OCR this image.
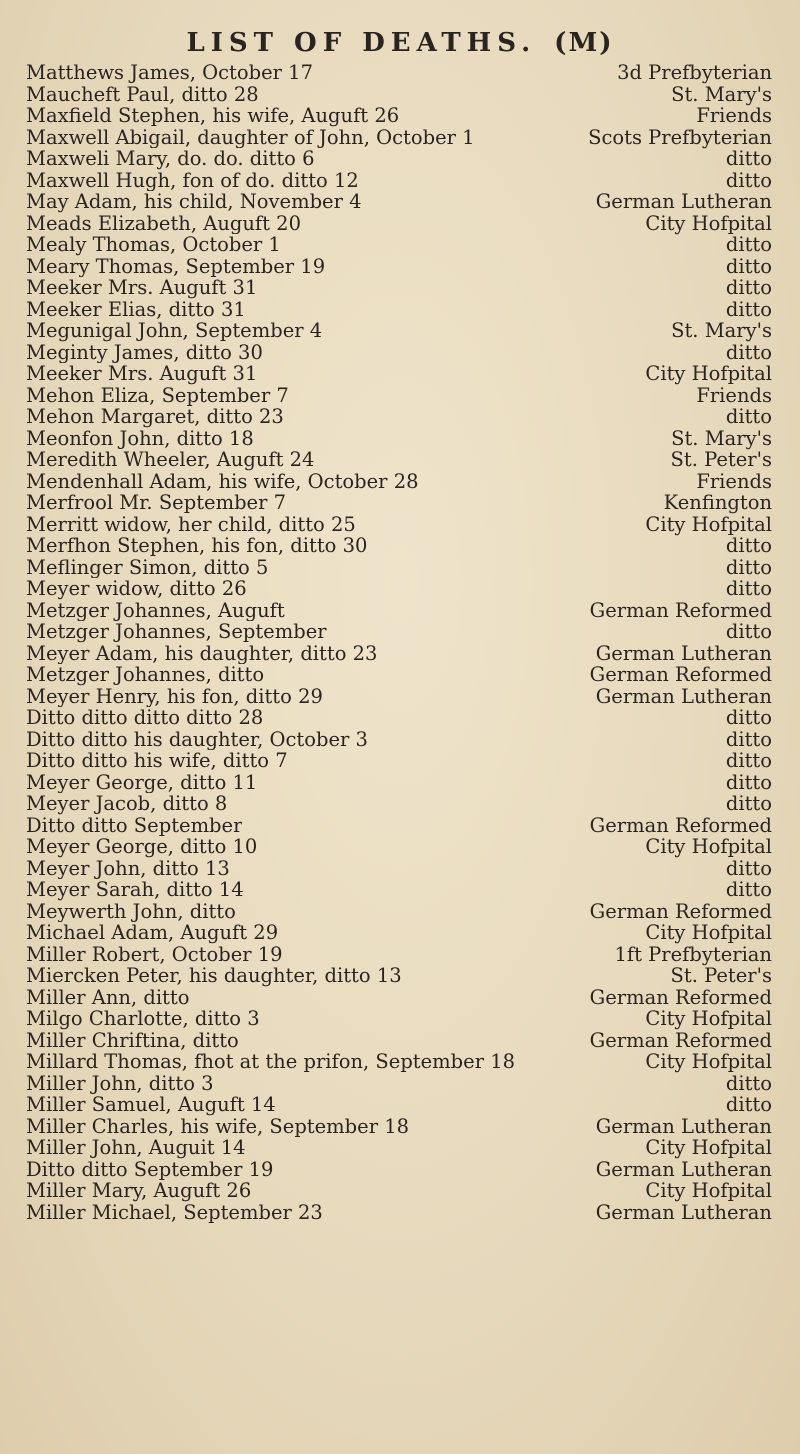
LIST OF DEATHS. (M)
Matthews James, October 17	3d Prefbyterian
Maucheft Paul, ditto 28	St. Mary's
Maxfield Stephen, his wife, Auguft 26	Friends
Maxwell Abigail, daughter of John, October 1	Scots Prefbyterian
Maxweli Mary, do. do. ditto 6	ditto
Maxwell Hugh, fon of do. ditto 12	ditto
May Adam, his child, November 4	German Lutheran
Meads Elizabeth, Auguft 20	City Hofpital
Mealy Thomas, October 1	ditto
Meary Thomas, September 19	ditto
Meeker Mrs. Auguft 31	ditto
Meeker Elias, ditto 31	ditto
Megunigal John, September 4	St. Mary's
Meginty James, ditto 30	ditto
Meeker Mrs. Auguft 31	City Hofpital
Mehon Eliza, September 7	Friends
Mehon Margaret, ditto 23	ditto
Meonfon John, ditto 18	St. Mary's
Meredith Wheeler, Auguft 24	St. Peter's
Mendenhall Adam, his wife, October 28	Friends
Merfrool Mr. September 7	Kenfington
Merritt widow, her child, ditto 25	City Hofpital
Merfhon Stephen, his fon, ditto 30	ditto
Meflinger Simon, ditto 5	ditto
Meyer widow, ditto 26	ditto
Metzger Johannes, Auguft	German Reformed
Metzger Johannes, September	ditto
Meyer Adam, his daughter, ditto 23	German Lutheran
Metzger Johannes, ditto	German Reformed
Meyer Henry, his fon, ditto 29	German Lutheran
Ditto ditto ditto ditto 28	ditto
Ditto ditto his daughter, October 3	ditto
Ditto ditto his wife, ditto 7	ditto
Meyer George, ditto 11	ditto
Meyer Jacob, ditto 8	ditto
Ditto ditto September	German Reformed
Meyer George, ditto 10	City Hofpital
Meyer John, ditto 13	ditto
Meyer Sarah, ditto 14	ditto
Meywerth John, ditto	German Reformed
Michael Adam, Auguft 29	City Hofpital
Miller Robert, October 19	1ft Prefbyterian
Miercken Peter, his daughter, ditto 13	St. Peter's
Miller Ann, ditto	German Reformed
Milgo Charlotte, ditto 3	City Hofpital
Miller Chriftina, ditto	German Reformed
Millard Thomas, fhot at the prifon, September 18	City Hofpital
Miller John, ditto 3	ditto
Miller Samuel, Auguft 14	ditto
Miller Charles, his wife, September 18	German Lutheran
Miller John, Auguit 14	City Hofpital
Ditto ditto September 19	German Lutheran
Miller Mary, Auguft 26	City Hofpital
Miller Michael, September 23	German Lutheran
